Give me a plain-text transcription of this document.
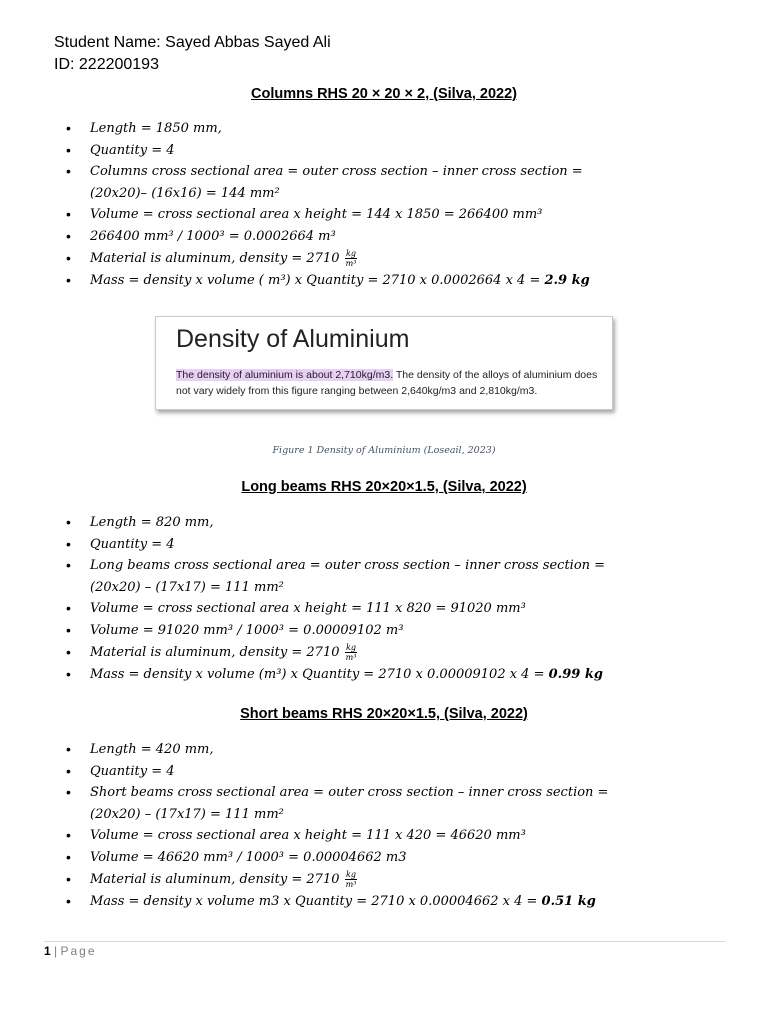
Student Name: Sayed Abbas Sayed Ali
ID: 222200193
Columns RHS 20 × 20 × 2, (Silva, 2022)
• Length = 1850 mm,
• Quantity = 4
• Columns cross sectional area = outer cross section – inner cross section =
(20x20)– (16x16) = 144 mm²
• Volume = cross sectional area x height = 144 x 1850 = 266400 mm³
• 266400 mm³ / 1000³ = 0.0002664 m³
• Material is aluminum, density = $2710 \frac{kg}{\text{m³}}$
• Mass = density x volume ( m³) x Quantity = 2710 x 0.0002664 x 4 = 2.9 kg
Density of Aluminium
The density of aluminium is about 2,710kg/m3. The density of the alloys of aluminium does not vary widely from this figure ranging between 2,640kg/m3 and 2,810kg/m3.
Figure 1 Density of Aluminium (Loseail, 2023)
Long beams RHS 20×20×1.5, (Silva, 2022)
• Length = 820 mm,
• Quantity = 4
• Long beams cross sectional area = outer cross section – inner cross section =
(20x20) – (17x17) = 111 mm²
• Volume = cross sectional area x height = 111 x 820 = 91020 mm³
• Volume = 91020 mm³ / 1000³ = 0.00009102 m³
• Material is aluminum, density = $2710 \frac{kg}{\text{m³}}$
• Mass = density x volume (m³) x Quantity = 2710 x 0.00009102 x 4 = 0.99 kg
Short beams RHS 20×20×1.5, (Silva, 2022)
• Length = 420 mm,
• Quantity = 4
• Short beams cross sectional area = outer cross section – inner cross section =
(20x20) – (17x17) = 111 mm²
• Volume = cross sectional area x height = 111 x 420 = 46620 mm³
• Volume = 46620 mm³ / 1000³ = 0.00004662 m3
• Material is aluminum, density = $2710 \frac{kg}{\text{m³}}$
• Mass = density x volume m3 x Quantity = 2710 x 0.00004662 x 4 = 0.51 kg
1 | Page
